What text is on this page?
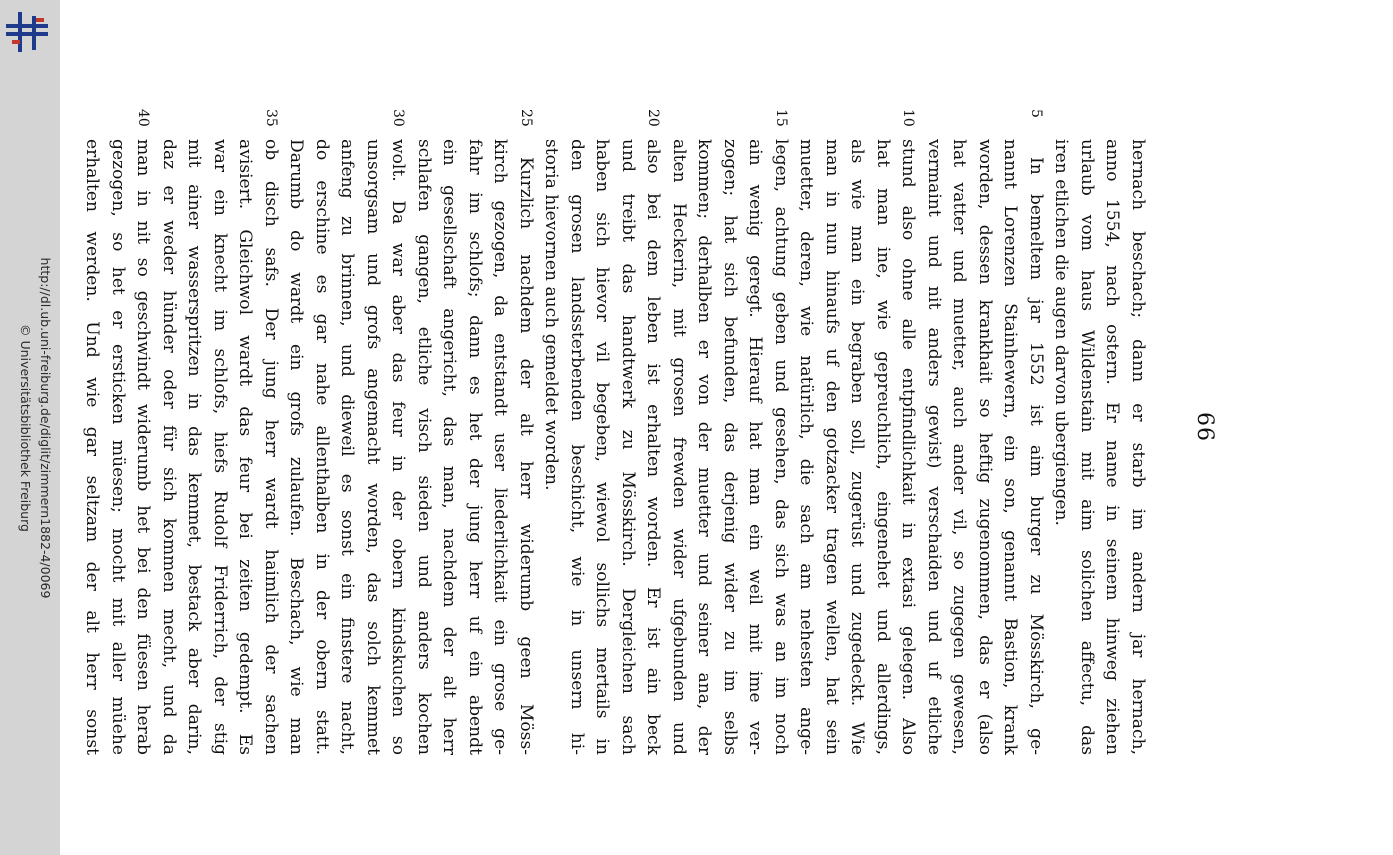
http://dl.ub.uni-freiburg.de/diglit/zimmern1882-4/0069
© Universitätsbibliothek Freiburg	66
hernach beschach; dann er starb im andern jar hernach,
anno 1554, nach ostern. Er name in seinem hinweg ziehen
urlaub vom haus Wildenstain mit aim solichen affectu, das
iren etlichen die augen darvon ubergiengen.
5
In bemeltem jar 1552 ist aim burger zu Mösskirch, ge-
nannt Lorenzen Stainhewern, ein son, genannt Bastion, krank
worden, dessen krankhait so heftig zugenommen, das er (also
hat vatter und muetter, auch ander vil, so zugegen gewesen,
vermaint und nit anders gewist) verschaiden und uf etliche
10
stund also ohne alle entpfindlichkait in extasi gelegen. Also
hat man ine, wie gepreuchlich, eingenehet und allerdings,
als wie man ein begraben soll, zugerüst und zugedeckt. Wie
man in nun hinaufs uf den gotzacker tragen wellen, hat sein
muetter, deren, wie natürlich, die sach am nehesten ange-
15
legen, achtung geben und gesehen, das sich was an im noch
ain wenig geregt. Hierauf hat man ein weil mit ime ver-
zogen; hat sich befunden, das derjenig wider zu im selbs
kommen; derhalben er von der muetter und seiner ana, der
alten Heckerin, mit grosen frewden wider ufgebunden und
20
also bei dem leben ist erhalten worden. Er ist ain beck
und treibt das handtwerk zu Mösskirch. Dergleichen sach
haben sich hievor vil begeben, wiewol sollichs mertails in
den grosen landssterbenden beschicht, wie in unsern hi-
storia hievornen auch gemeldet worden.
25
Kurzlich nachdem der alt herr widerumb geen Möss-
kirch gezogen, da entstandt user liederlichkait ein grose ge-
fahr im schlofs; dann es het der jung herr uf ein abendt
ein gesellschaft angericht, das man, nachdem der alt herr
schlafen gangen, etliche visch sieden und anders kochen
30
wolt. Da war aber das feur in der obern kindskuchen so
unsorgsam und grofs angemacht worden, das solch kemmet
anfeng zu brinnen, und dieweil es sonst ein finstere nacht,
do erschine es gar nahe allenthalben in der obern statt.
Darumb do wardt ein grofs zulaufen. Beschach, wie man
35
ob disch safs. Der jung herr wardt haimlich der sachen
avisiert. Gleichwol wardt das feur bei zeiten gedempt. Es
war ein knecht im schlofs, hiefs Rudolf Friderrich, der stig
mit ainer wasserspritzen in das kemmet, bestack aber darin,
daz er weder hünder oder für sich kommen mecht, und da
40
man in nit so geschwindt widerumb het bei den füesen herab
gezogen, so het er ersticken müesen; mocht mit aller müehe
erhalten werden. Und wie gar seltzam der alt herr sonst
